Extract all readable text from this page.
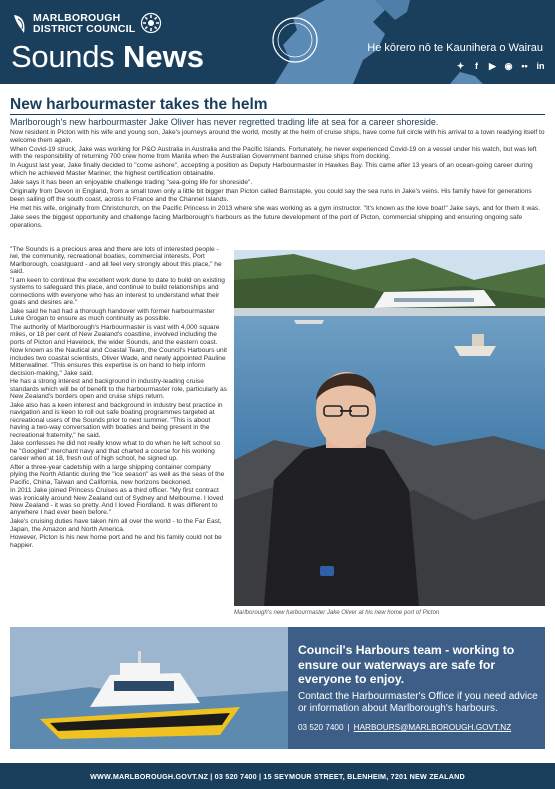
MARLBOROUGH
DISTRICT COUNCIL
Sounds News	He kōrero nō te Kaunihera o Wairau
✦	f	▶ ◉ •• in
New harbourmaster takes the helm

Marlborough's new harbourmaster Jake Oliver has never regretted trading life at sea for a career shoreside.

Now resident in Picton with his wife and young son, Jake's journeys around the world, mostly at the helm of cruise ships, have come full circle with his arrival to a town readying itself to welcome them again.

When Covid-19 struck, Jake was working for P&O Australia in Australia and the Pacific Islands. Fortunately, he never experienced Covid-19 on a vessel under his watch, but was left with the responsibility of returning 700 crew home from Manila when the Australian Government banned cruise ships from docking.

In August last year, Jake finally decided to "come ashore", accepting a position as Deputy Harbourmaster in Hawkes Bay. This came after 13 years of an ocean-going career during which he achieved Master Mariner, the highest certification obtainable.

Jake says it has been an enjoyable challenge trading "sea-going life for shoreside".

Originally from Devon in England, from a small town only a little bit bigger than Picton called Barnstaple, you could say the sea runs in Jake's veins. His family have for generations been sailing off the south coast, across to France and the Channel Islands.

He met his wife, originally from Christchurch, on the Pacific Princess in 2013 where she was working as a gym instructor. "It's known as the love boat!" Jake says, and for them it was.

Jake sees the biggest opportunity and challenge facing Marlborough's harbours as the future development of the port of Picton, commercial shipping and ensuring ongoing safe operations.

"The Sounds is a precious area and there are lots of interested people - iwi, the community, recreational boaties, commercial interests, Port Marlborough, coastguard - and all feel very strongly about this place," he said.

"I am keen to continue the excellent work done to date to build on existing systems to safeguard this place, and continue to build relationships and connections with everyone who has an interest to understand what their goals and desires are."

Jake said he had had a thorough handover with former harbourmaster Luke Grogan to ensure as much continuity as possible.

The authority of Marlborough's Harbourmaster is vast with 4,000 square miles, or 18 per cent of New Zealand's coastline, involved including the ports of Picton and Havelock, the wider Sounds, and the eastern coast.

Now known as the Nautical and Coastal Team, the Council's Harbours unit includes two coastal scientists, Oliver Wade, and newly appointed Pauline Mitterwallner. "This ensures this expertise is on hand to help inform decision-making," Jake said.

He has a strong interest and background in industry-leading cruise standards which will be of benefit to the harbourmaster role, particularly as New Zealand's borders open and cruise ships return.

Jake also has a keen interest and background in industry best practice in navigation and is keen to roll out safe boating programmes targeted at recreational users of the Sounds prior to next summer. "This is about having a two-way conversation with boaties and being present in the recreational fraternity," he said.

Jake confesses he did not really know what to do when he left school so he "Googled" merchant navy and that charted a course for his working career when at 18, fresh out of high school, he signed up.

After a three-year cadetship with a large shipping container company plying the North Atlantic during the "ice season" as well as the seas of the Pacific, China, Taiwan and California, new horizons beckoned.

In 2011 Jake joined Princess Cruises as a third officer. "My first contract was ironically around New Zealand out of Sydney and Melbourne. I loved New Zealand - it was so pretty. And I loved Fiordland. It was different to anywhere I had ever been before."

Jake's cruising duties have taken him all over the world - to the Far East, Japan, the Amazon and North America.

However, Picton is his new home port and he and his family could not be happier.

Marlborough's new harbourmaster Jake Oliver at his new home port of Picton
Council's Harbours team - working to ensure our waterways are safe for everyone to enjoy.
Contact the Harbourmaster's Office if you need advice or information about Marlborough's harbours.
03 520 7400 | HARBOURS@MARLBOROUGH.GOVT.NZ
WWW.MARLBOROUGH.GOVT.NZ | 03 520 7400 | 15 SEYMOUR STREET, BLENHEIM, 7201 NEW ZEALAND
